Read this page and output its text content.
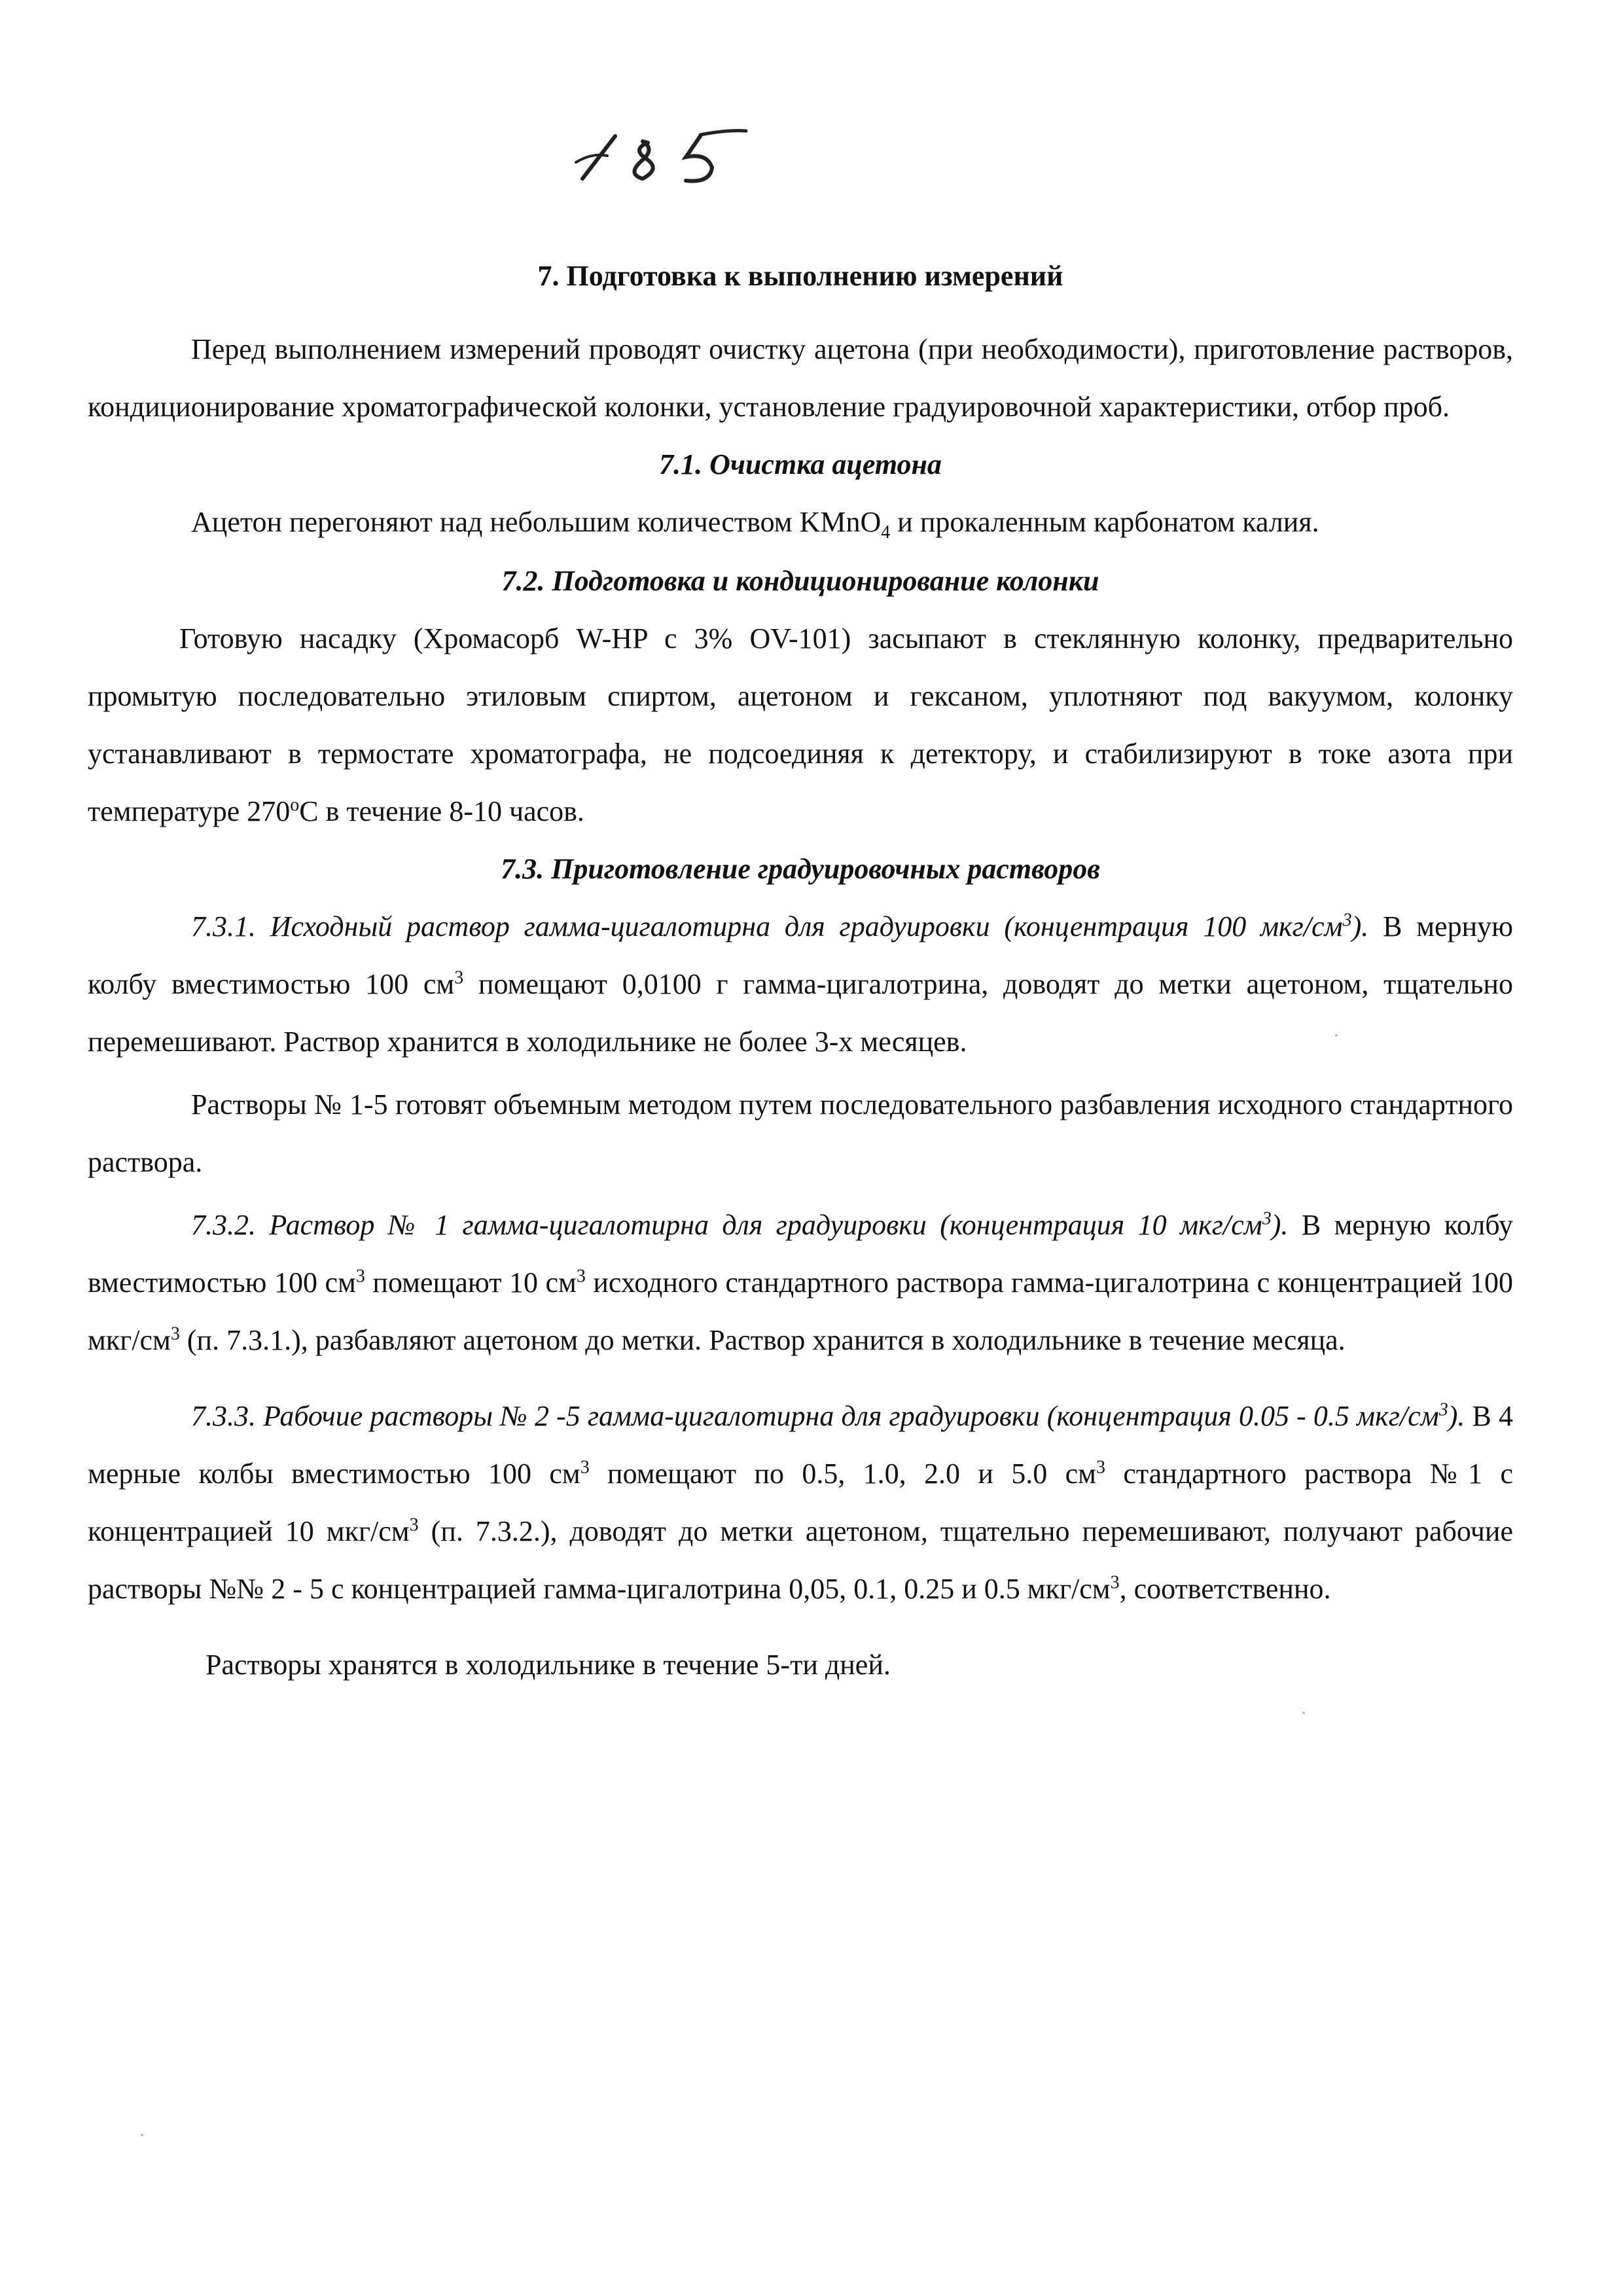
7. Подготовка к выполнению измерений

Перед выполнением измерений проводят очистку ацетона (при необходимости), приготовление растворов, кондиционирование хроматографической колонки, установление градуировочной характеристики, отбор проб.

7.1. Очистка ацетона

Ацетон перегоняют над небольшим количеством KMnO$_4$ и прокаленным карбонатом калия.

7.2. Подготовка и кондиционирование колонки

Готовую насадку (Хромасорб W-HP с 3% OV-101) засыпают в стеклянную колонку, предварительно промытую последовательно этиловым спиртом, ацетоном и гексаном, уплотняют под вакуумом, колонку устанавливают в термостате хроматографа, не подсоединяя к детектору, и стабилизируют в токе азота при температуре $270^оС$ в течение 8-10 часов.

7.3. Приготовление градуировочных растворов

7.3.1. Исходный раствор гамма-цигалотирна для градуировки (концентрация 100 мкг/$см^3$). В мерную колбу вместимостью 100 $см^3$ помещают 0,0100 г гамма-цигалотрина, доводят до метки ацетоном, тщательно перемешивают. Раствор хранится в холодильнике не более 3-х месяцев.

Растворы № 1-5 готовят объемным методом путем последовательного разбавления исходного стандартного раствора.

7.3.2. Раствор № 1 гамма-цигалотирна для градуировки (концентрация 10 мкг/$см^3$). В мерную колбу вместимостью 100 $см^3$ помещают 10 $см^3$ исходного стандартного раствора гамма-цигалотрина с концентрацией 100 мкг/$см^3$ (п. 7.3.1.), разбавляют ацетоном до метки. Раствор хранится в холодильнике в течение месяца.

7.3.3. Рабочие растворы № 2 -5 гамма-цигалотирна для градуировки (концентрация 0.05 - 0.5 мкг/$см^3$). В 4 мерные колбы вместимостью 100 $см^3$ помещают по 0.5, 1.0, 2.0 и 5.0 $см^3$ стандартного раствора №1 с концентрацией 10 мкг/$см^3$ (п. 7.3.2.), доводят до метки ацетоном, тщательно перемешивают, получают рабочие растворы №№ 2 - 5 с концентрацией гамма-цигалотрина 0,05, 0.1, 0.25 и 0.5 мкг/$см^3$, соответственно.

Растворы хранятся в холодильнике в течение 5-ти дней.
